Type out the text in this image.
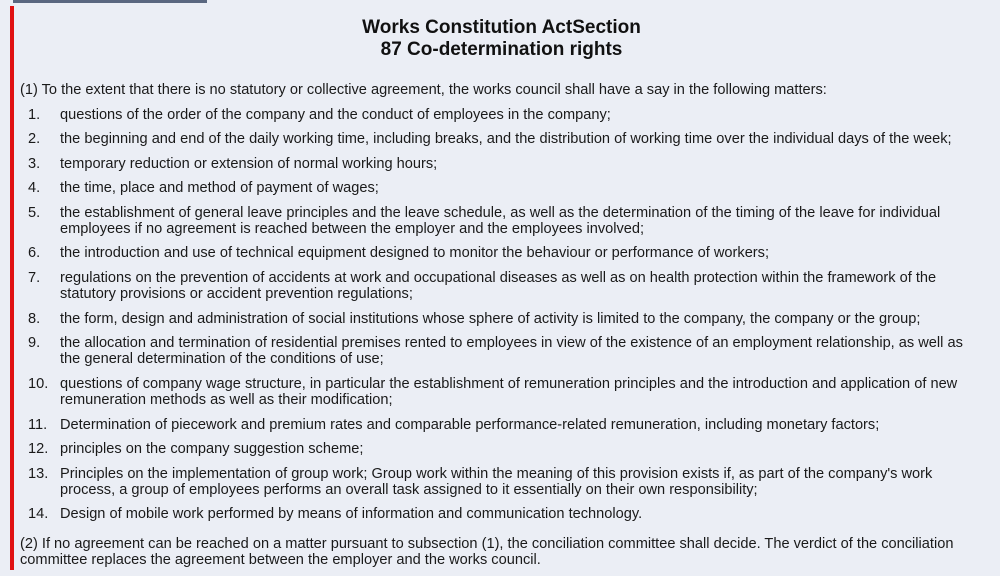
Works Constitution ActSection
87 Co-determination rights

(1) To the extent that there is no statutory or collective agreement, the works council shall have a say in the following matters:

1.	questions of the order of the company and the conduct of employees in the company;
2.	the beginning and end of the daily working time, including breaks, and the distribution of working time over the individual days of the week;
3.	temporary reduction or extension of normal working hours;
4.	the time, place and method of payment of wages;
5.	the establishment of general leave principles and the leave schedule, as well as the determination of the timing of the leave for individual employees if no agreement is reached between the employer and the employees involved;
6.	the introduction and use of technical equipment designed to monitor the behaviour or performance of workers;
7.	regulations on the prevention of accidents at work and occupational diseases as well as on health protection within the framework of the statutory provisions or accident prevention regulations;
8.	the form, design and administration of social institutions whose sphere of activity is limited to the company, the company or the group;
9.	the allocation and termination of residential premises rented to employees in view of the existence of an employment relationship, as well as the general determination of the conditions of use;
10. questions of company wage structure, in particular the establishment of remuneration principles and the introduction and application of new remuneration methods as well as their modification;
11. Determination of piecework and premium rates and comparable performance-related remuneration, including monetary factors;
12. principles on the company suggestion scheme;
13. Principles on the implementation of group work; Group work within the meaning of this provision exists if, as part of the company's work process, a group of employees performs an overall task assigned to it essentially on their own responsibility;
14. Design of mobile work performed by means of information and communication technology.

(2) If no agreement can be reached on a matter pursuant to subsection (1), the conciliation committee shall decide. The verdict of the conciliation committee replaces the agreement between the employer and the works council.
